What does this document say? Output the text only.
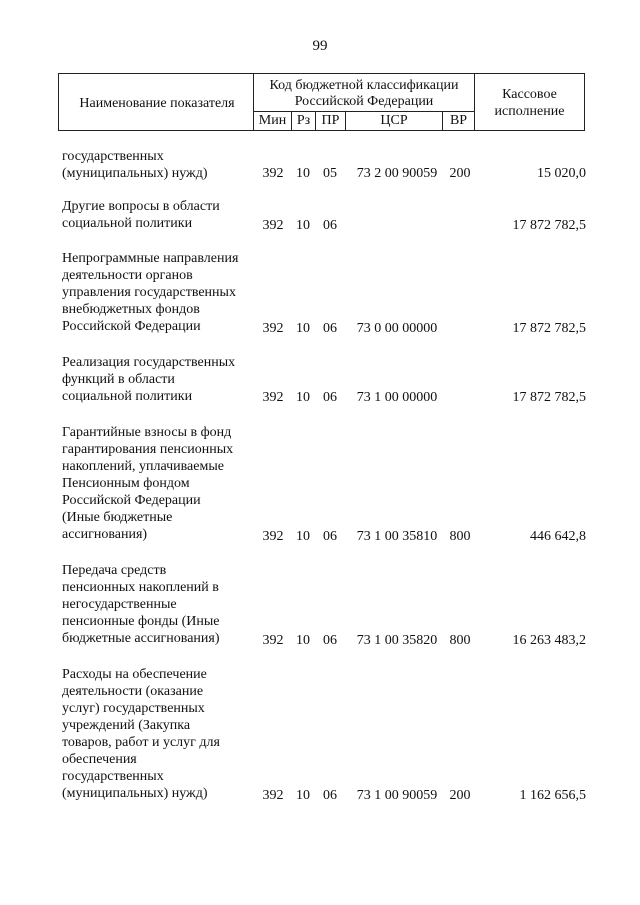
99
Наименование показателя
Код бюджетной классификации
Российской Федерации
Мин Рз ПР	ЦСР	ВР
Кассовое
исполнение
государственных
(муниципальных) нужд)	392 10 05	73 2 00 90059 200	15 020,0
Другие вопросы в области
социальной политики	392 10 06	17 872 782,5
Непрограммные направления
деятельности органов
управления государственных
внебюджетных фондов
Российской Федерации	392 10 06	73 0 00 00000	17 872 782,5
Реализация государственных
функций в области
социальной политики	392 10 06	73 1 00 00000	17 872 782,5
Гарантийные взносы в фонд
гарантирования пенсионных
накоплений, уплачиваемые
Пенсионным фондом
Российской Федерации
(Иные бюджетные
ассигнования)	392 10 06	73 1 00 35810 800	446 642,8
Передача средств
пенсионных накоплений в
негосударственные
пенсионные фонды (Иные
бюджетные ассигнования)	392 10 06	73 1 00 35820 800	16 263 483,2
Расходы на обеспечение
деятельности (оказание
услуг) государственных
учреждений (Закупка
товаров, работ и услуг для
обеспечения
государственных
(муниципальных) нужд)	392 10 06	73 1 00 90059 200	1 162 656,5
